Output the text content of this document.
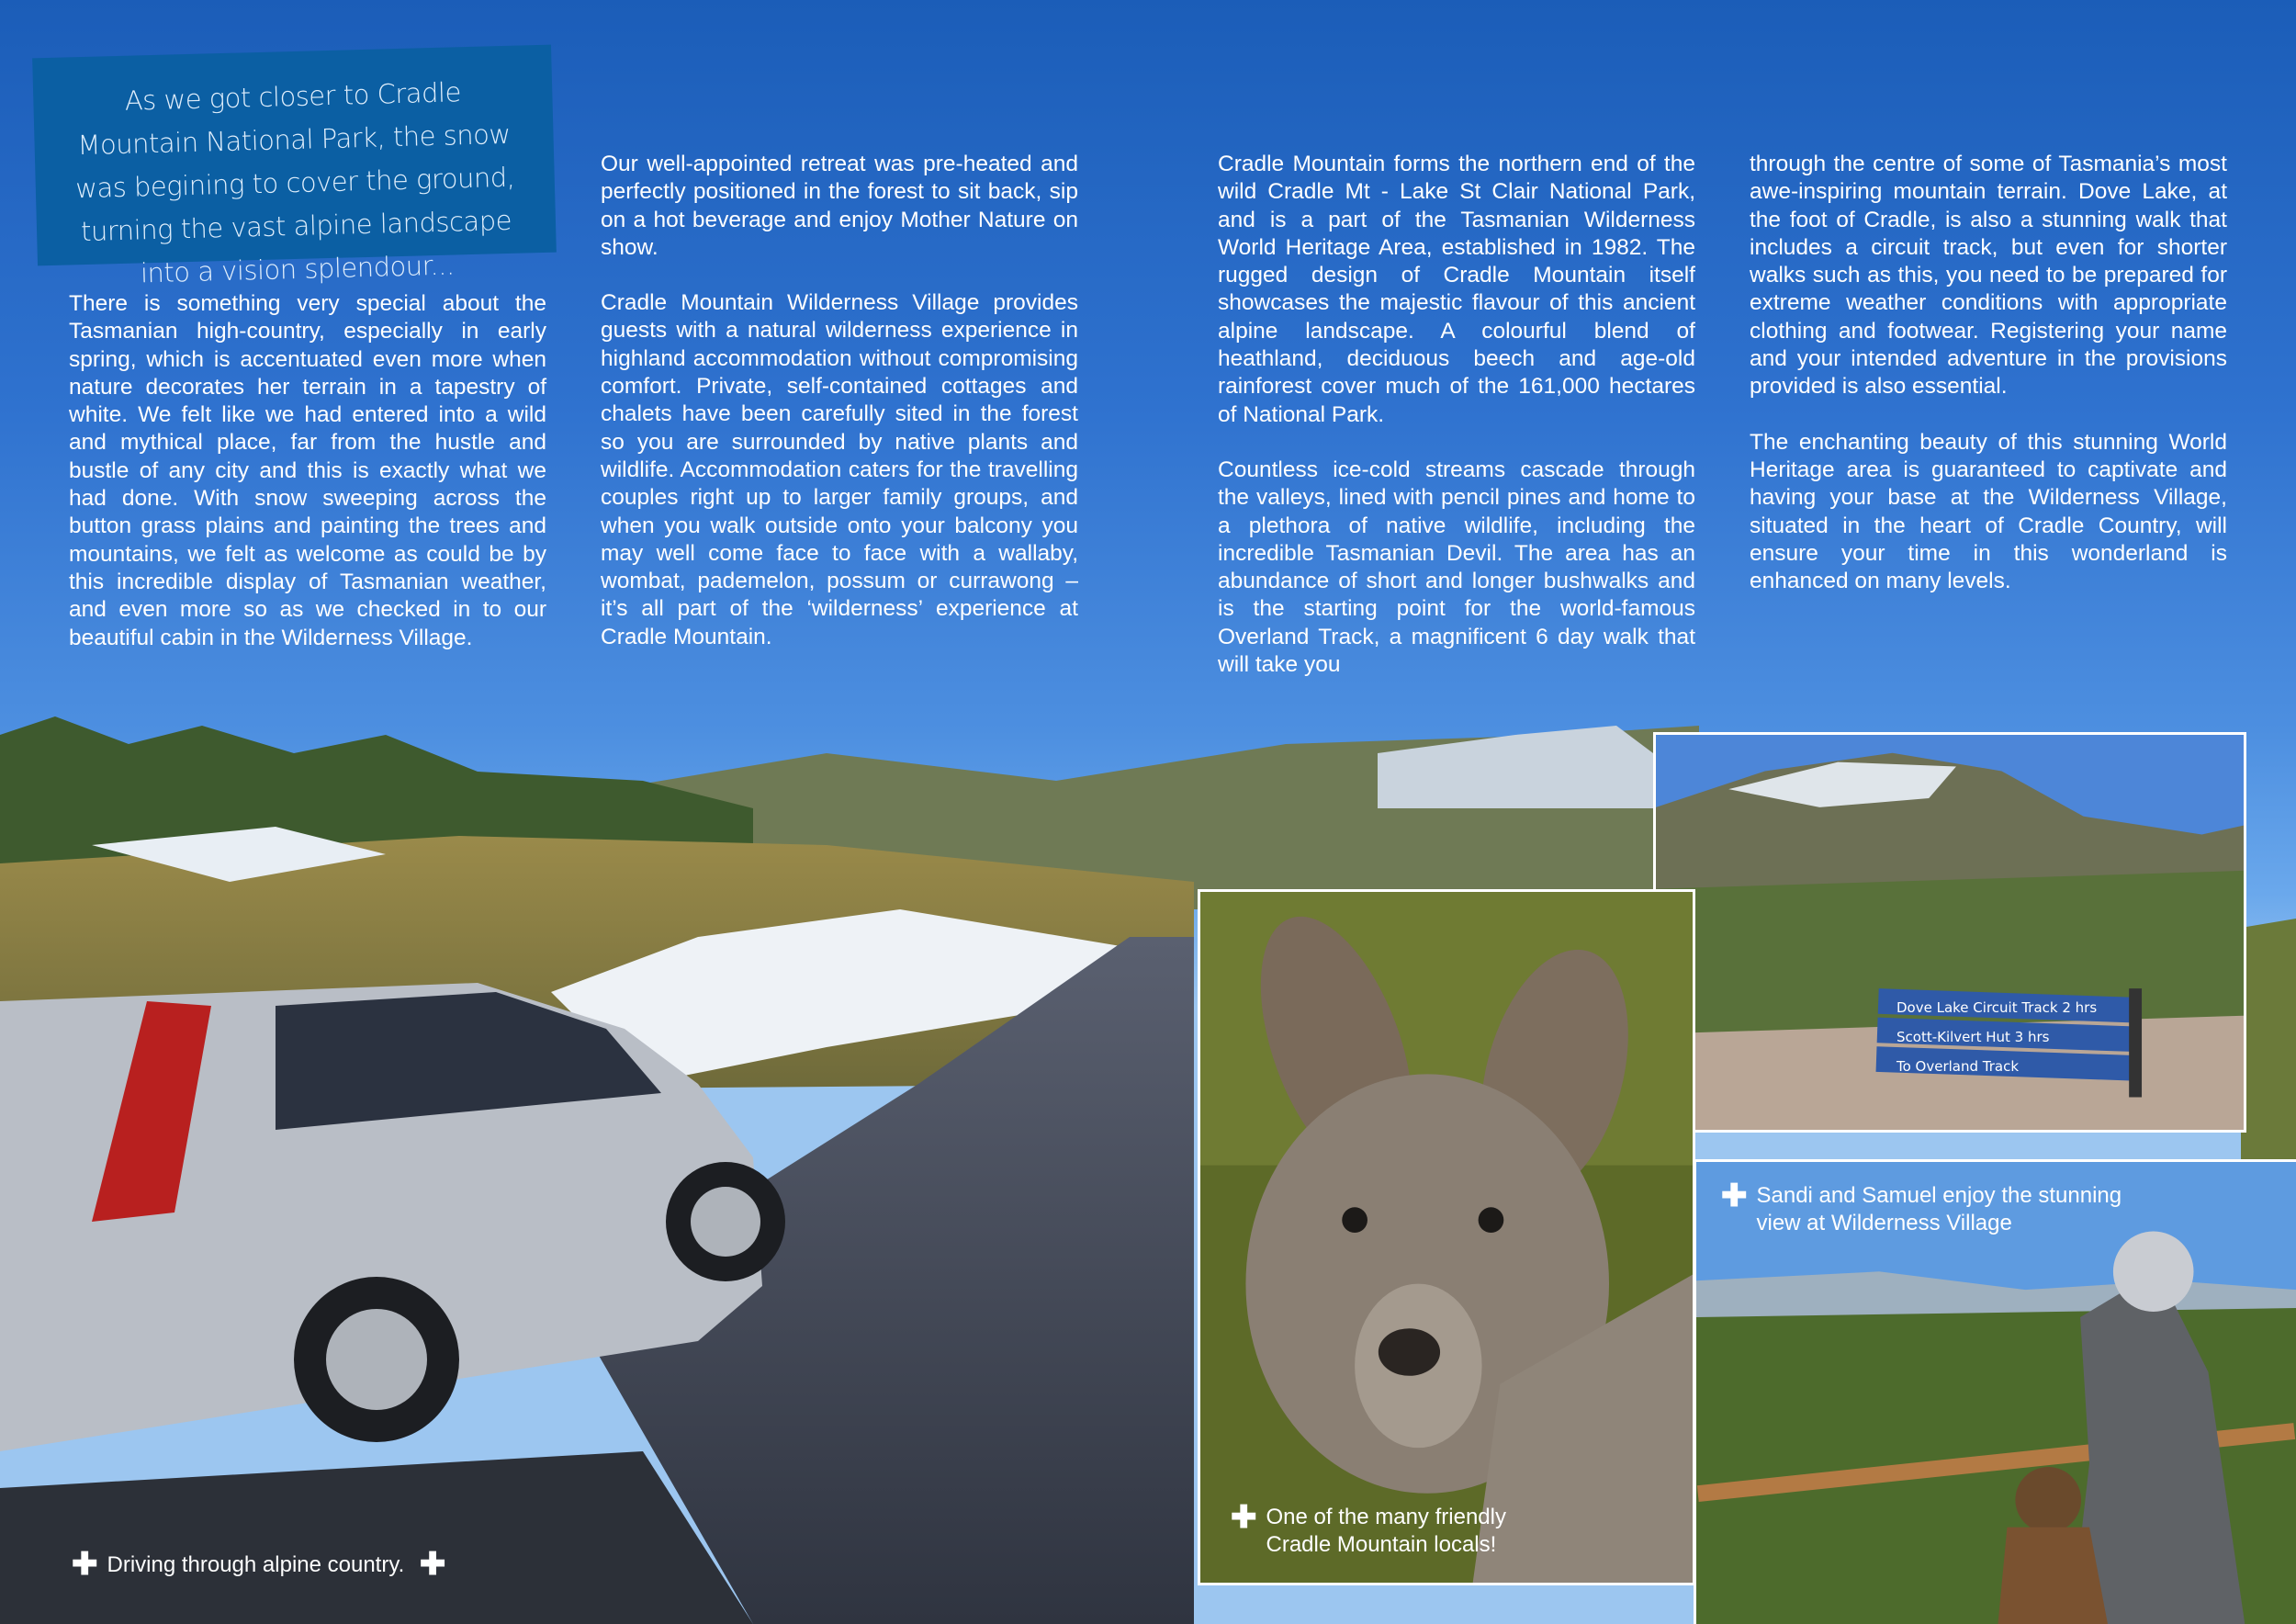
As we got closer to Cradle Mountain National Park, the snow was begining to cover the ground, turning the vast alpine landscape into a vision splendour...

There is something very special about the Tasmanian high-country, especially in early spring, which is accentuated even more when nature decorates her terrain in a tapestry of white. We felt like we had entered into a wild and mythical place, far from the hustle and bustle of any city and this is exactly what we had done. With snow sweeping across the button grass plains and painting the trees and mountains, we felt as welcome as could be by this incredible display of Tasmanian weather, and even more so as we checked in to our beautiful cabin in the Wilderness Village.

Our well-appointed retreat was pre-heated and perfectly positioned in the forest to sit back, sip on a hot beverage and enjoy Mother Nature on show.

Cradle Mountain Wilderness Village provides guests with a natural wilderness experience in highland accommodation without compromising comfort. Private, self-contained cottages and chalets have been carefully sited in the forest so you are surrounded by native plants and wildlife. Accommodation caters for the travelling couples right up to larger family groups, and when you walk outside onto your balcony you may well come face to face with a wallaby, wombat, pademelon, possum or currawong – it’s all part of the ‘wilderness’ experience at Cradle Mountain.

Cradle Mountain forms the northern end of the wild Cradle Mt - Lake St Clair National Park, and is a part of the Tasmanian Wilderness World Heritage Area, established in 1982. The rugged design of Cradle Mountain itself showcases the majestic flavour of this ancient alpine landscape. A colourful blend of heathland, deciduous beech and age-old rainforest cover much of the 161,000 hectares of National Park.

Countless ice-cold streams cascade through the valleys, lined with pencil pines and home to a plethora of native wildlife, including the incredible Tasmanian Devil. The area has an abundance of short and longer bushwalks and is the starting point for the world-famous Overland Track, a magnificent 6 day walk that will take you

through the centre of some of Tasmania’s most awe-inspiring mountain terrain. Dove Lake, at the foot of Cradle, is also a stunning walk that includes a circuit track, but even for shorter walks such as this, you need to be prepared for extreme weather conditions with appropriate clothing and footwear. Registering your name and your intended adventure in the provisions provided is also essential.

The enchanting beauty of this stunning World Heritage area is guaranteed to captivate and having your base at the Wilderness Village, situated in the heart of Cradle Country, will ensure your time in this wonderland is enhanced on many levels.

Dove Lake Circuit Track 2 hrs
Scott-Kilvert Hut 3 hrs
To Overland Track
✚ Driving through alpine country. ✚
✚ One of the many friendly Cradle Mountain locals!
✚ Sandi and Samuel enjoy the stunning view at Wilderness Village
